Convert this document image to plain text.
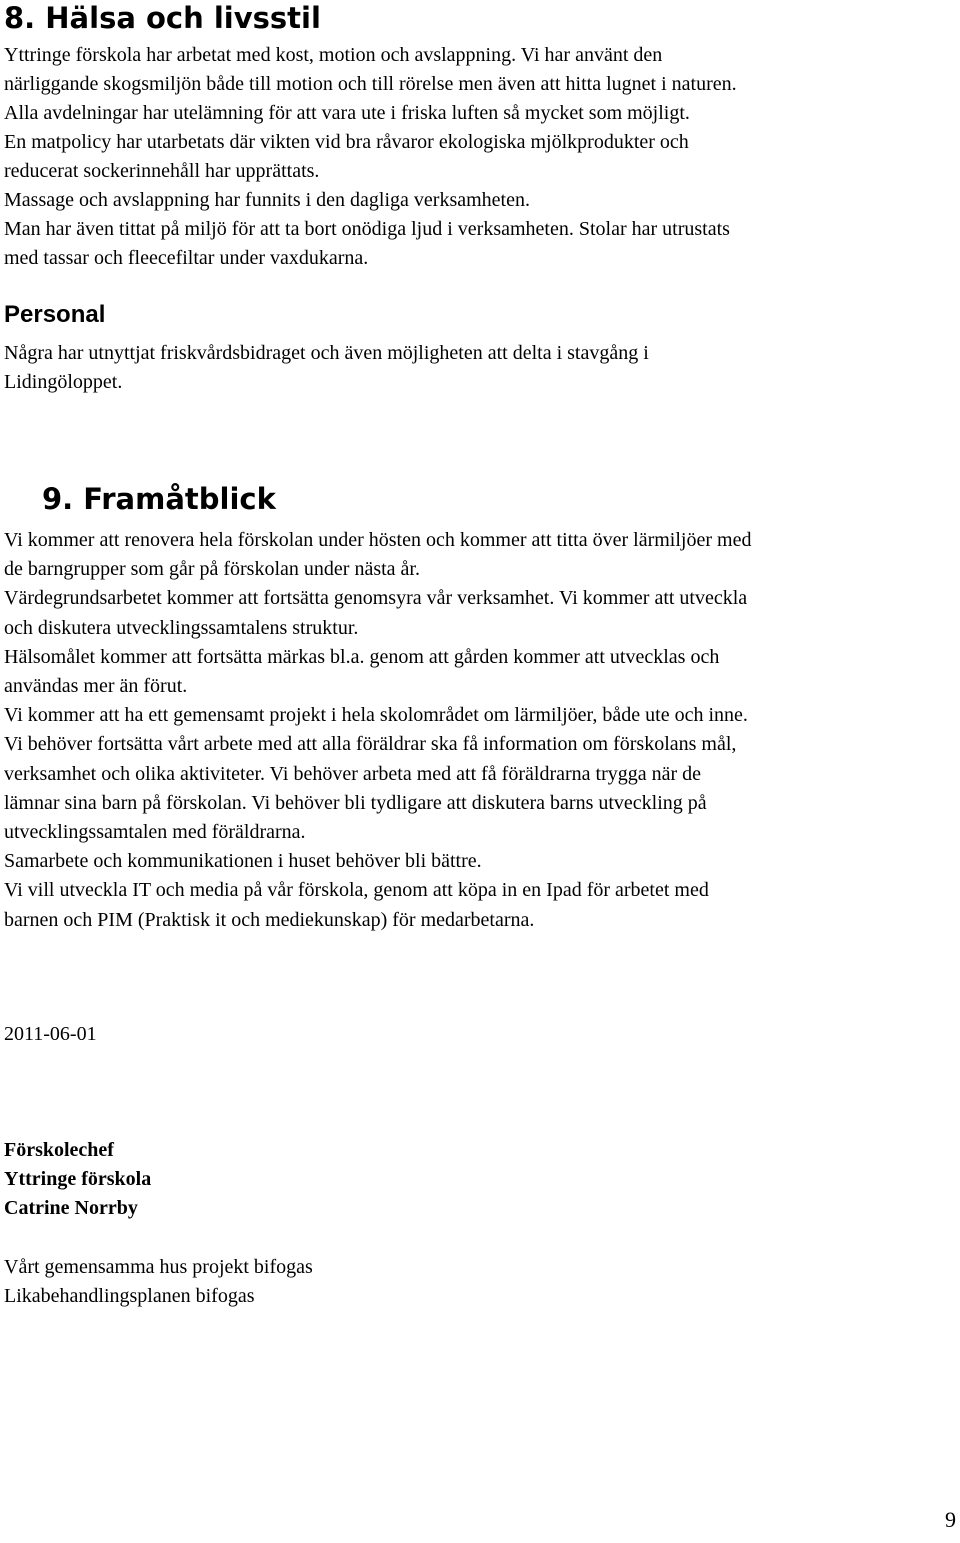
8. Hälsa och livsstil

Yttringe förskola har arbetat med kost, motion och avslappning. Vi har använt den

närliggande skogsmiljön både till motion och till rörelse men även att hitta lugnet i naturen.

Alla avdelningar har utelämning för att vara ute i friska luften så mycket som möjligt.

En matpolicy har utarbetats där vikten vid bra råvaror ekologiska mjölkprodukter och

reducerat sockerinnehåll har upprättats.

Massage och avslappning har funnits i den dagliga verksamheten.

Man har även tittat på miljö för att ta bort onödiga ljud i verksamheten. Stolar har utrustats

med tassar och fleecefiltar under vaxdukarna.

Personal

Några har utnyttjat friskvårdsbidraget och även möjligheten att delta i stavgång i

Lidingöloppet.

9. Framåtblick

Vi kommer att renovera hela förskolan under hösten och kommer att titta över lärmiljöer med

de barngrupper som går på förskolan under nästa år.

Värdegrundsarbetet kommer att fortsätta genomsyra vår verksamhet. Vi kommer att utveckla

och diskutera utvecklingssamtalens struktur.

Hälsomålet kommer att fortsätta märkas bl.a. genom att gården kommer att utvecklas och

användas mer än förut.

Vi kommer att ha ett gemensamt projekt i hela skolområdet om lärmiljöer, både ute och inne.

Vi behöver fortsätta vårt arbete med att alla föräldrar ska få information om förskolans mål,

verksamhet och olika aktiviteter. Vi behöver arbeta med att få föräldrarna trygga när de

lämnar sina barn på förskolan. Vi behöver bli tydligare att diskutera barns utveckling på

utvecklingssamtalen med föräldrarna.

Samarbete och kommunikationen i huset behöver bli bättre.

Vi vill utveckla IT och media på vår förskola, genom att köpa in en Ipad för arbetet med

barnen och PIM (Praktisk it och mediekunskap) för medarbetarna.

2011-06-01

Förskolechef

Yttringe förskola

Catrine Norrby

Vårt gemensamma hus projekt bifogas

Likabehandlingsplanen bifogas

9
